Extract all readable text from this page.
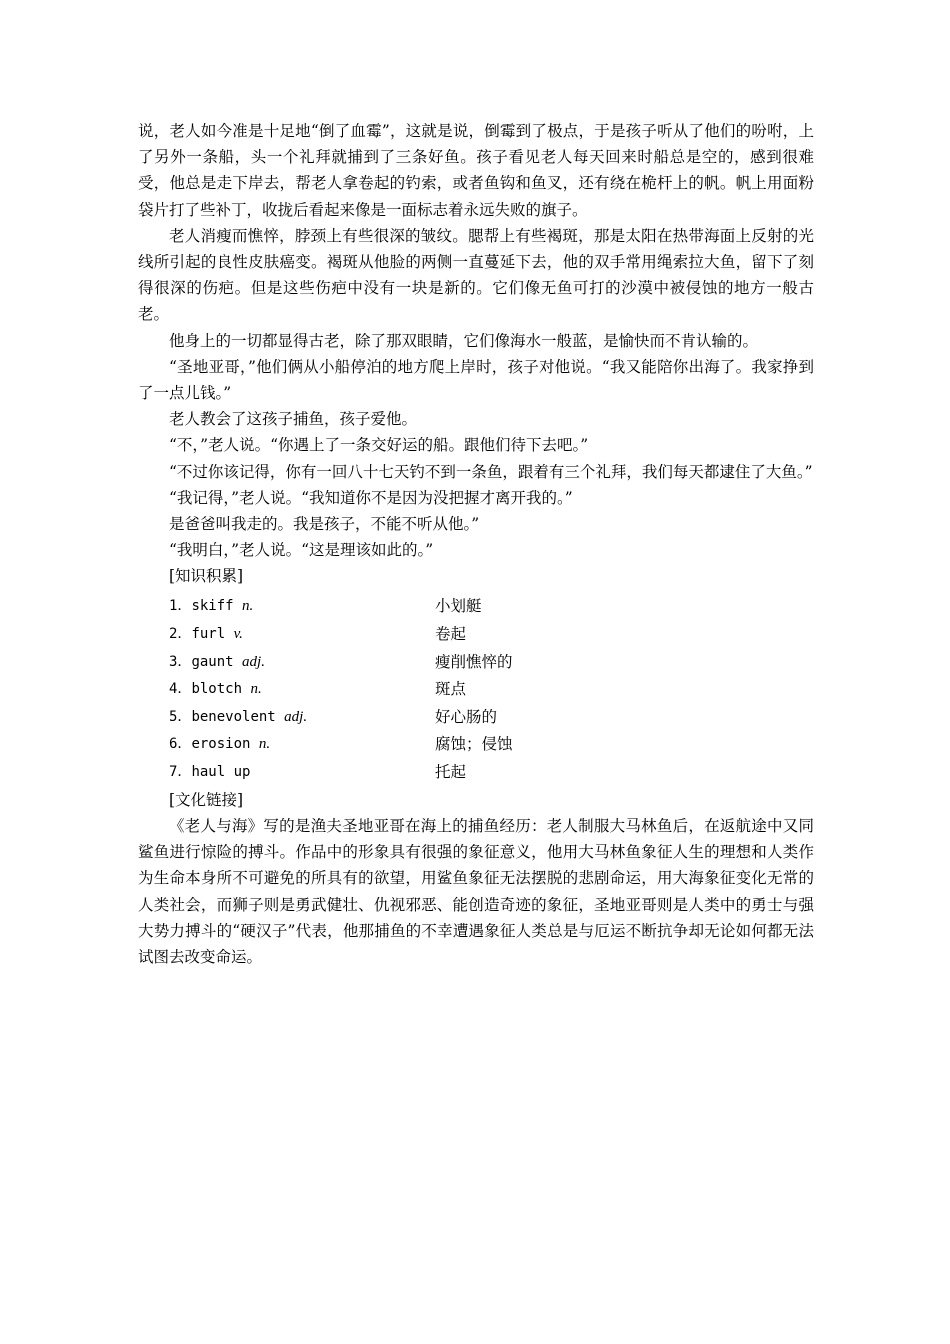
说，老人如今准是十足地“倒了血霉”，这就是说，倒霉到了极点，于是孩子听从了他们的吩咐，上了另外一条船，头一个礼拜就捕到了三条好鱼。孩子看见老人每天回来时船总是空的，感到很难受，他总是走下岸去，帮老人拿卷起的钓索，或者鱼钩和鱼叉，还有绕在桅杆上的帆。帆上用面粉袋片打了些补丁，收拢后看起来像是一面标志着永远失败的旗子。

老人消瘦而憔悴，脖颈上有些很深的皱纹。腮帮上有些褐斑，那是太阳在热带海面上反射的光线所引起的良性皮肤癌变。褐斑从他脸的两侧一直蔓延下去，他的双手常用绳索拉大鱼，留下了刻得很深的伤疤。但是这些伤疤中没有一块是新的。它们像无鱼可打的沙漠中被侵蚀的地方一般古老。

他身上的一切都显得古老，除了那双眼睛，它们像海水一般蓝，是愉快而不肯认输的。

“圣地亚哥，”他们俩从小船停泊的地方爬上岸时，孩子对他说。“我又能陪你出海了。我家挣到了一点儿钱。”

老人教会了这孩子捕鱼，孩子爱他。

“不，”老人说。“你遇上了一条交好运的船。跟他们待下去吧。”

“不过你该记得，你有一回八十七天钓不到一条鱼，跟着有三个礼拜，我们每天都逮住了大鱼。”

“我记得，”老人说。“我知道你不是因为没把握才离开我的。”

是爸爸叫我走的。我是孩子，不能不听从他。”

“我明白，”老人说。“这是理该如此的。”

[知识积累]

1．skiff n.	小划艇
2．furl v.	卷起
3．gaunt adj.	瘦削憔悴的
4．blotch n.	斑点
5．benevolent adj.	好心肠的
6．erosion n.	腐蚀；侵蚀
7．haul up	托起

[文化链接]

《老人与海》写的是渔夫圣地亚哥在海上的捕鱼经历：老人制服大马林鱼后，在返航途中又同鲨鱼进行惊险的搏斗。作品中的形象具有很强的象征意义，他用大马林鱼象征人生的理想和人类作为生命本身所不可避免的所具有的欲望，用鲨鱼象征无法摆脱的悲剧命运，用大海象征变化无常的人类社会，而狮子则是勇武健壮、仇视邪恶、能创造奇迹的象征，圣地亚哥则是人类中的勇士与强大势力搏斗的“硬汉子”代表，他那捕鱼的不幸遭遇象征人类总是与厄运不断抗争却无论如何都无法试图去改变命运。
